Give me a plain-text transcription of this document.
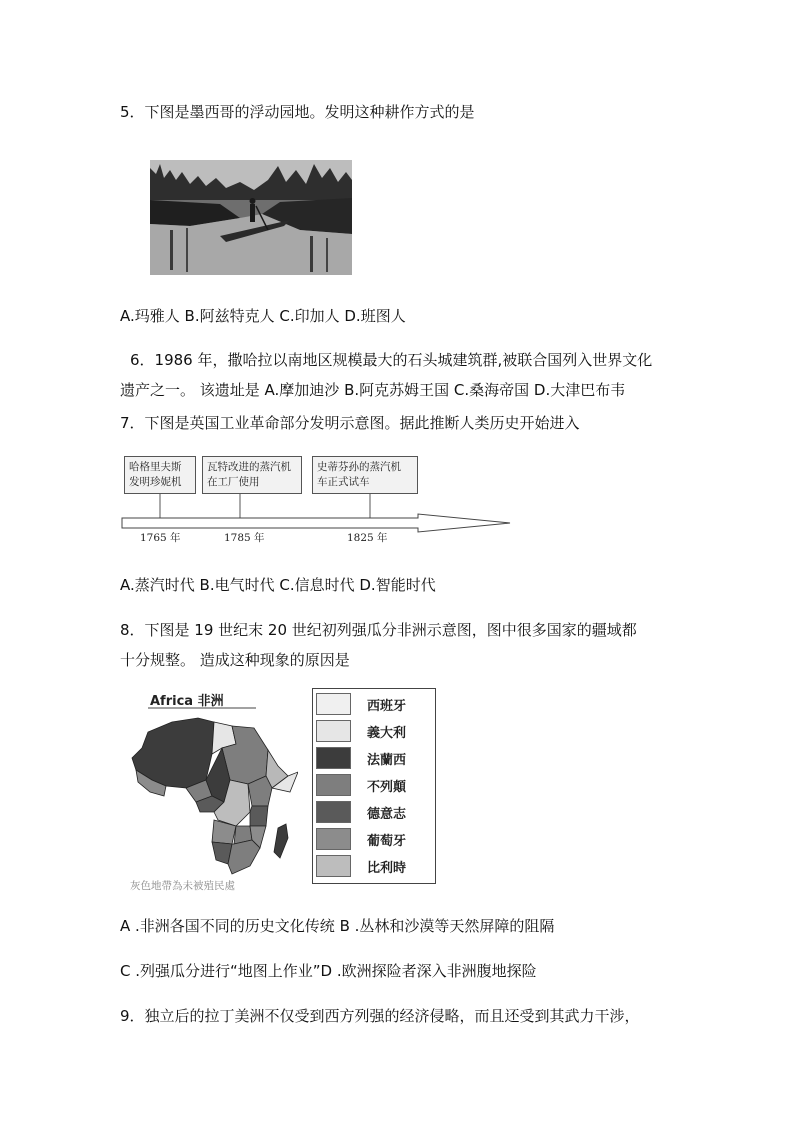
5．下图是墨西哥的浮动园地。发明这种耕作方式的是
A.玛雅人 B.阿兹特克人 C.印加人 D.班图人
6．1986 年，撒哈拉以南地区规模最大的石头城建筑群,被联合国列入世界文化
遗产之一。 该遗址是 A.摩加迪沙 B.阿克苏姆王国 C.桑海帝国 D.大津巴布韦
7．下图是英国工业革命部分发明示意图。据此推断人类历史开始进入
哈格里夫斯
发明珍妮机
瓦特改进的蒸汽机
在工厂使用
史蒂芬孙的蒸汽机
车正式试车
1765 年	1785 年	1825 年
A.蒸汽时代 B.电气时代 C.信息时代 D.智能时代
8．下图是 19 世纪末 20 世纪初列强瓜分非洲示意图，图中很多国家的疆域都
十分规整。 造成这种现象的原因是
Africa 非洲
灰色地帶為未被殖民處
西班牙
義大利
法蘭西
不列顛
德意志
葡萄牙
比利時
A .非洲各国不同的历史文化传统 B .丛林和沙漠等天然屏障的阻隔
C .列强瓜分进行“地图上作业”D .欧洲探险者深入非洲腹地探险
9．独立后的拉丁美洲不仅受到西方列强的经济侵略，而且还受到其武力干涉，
